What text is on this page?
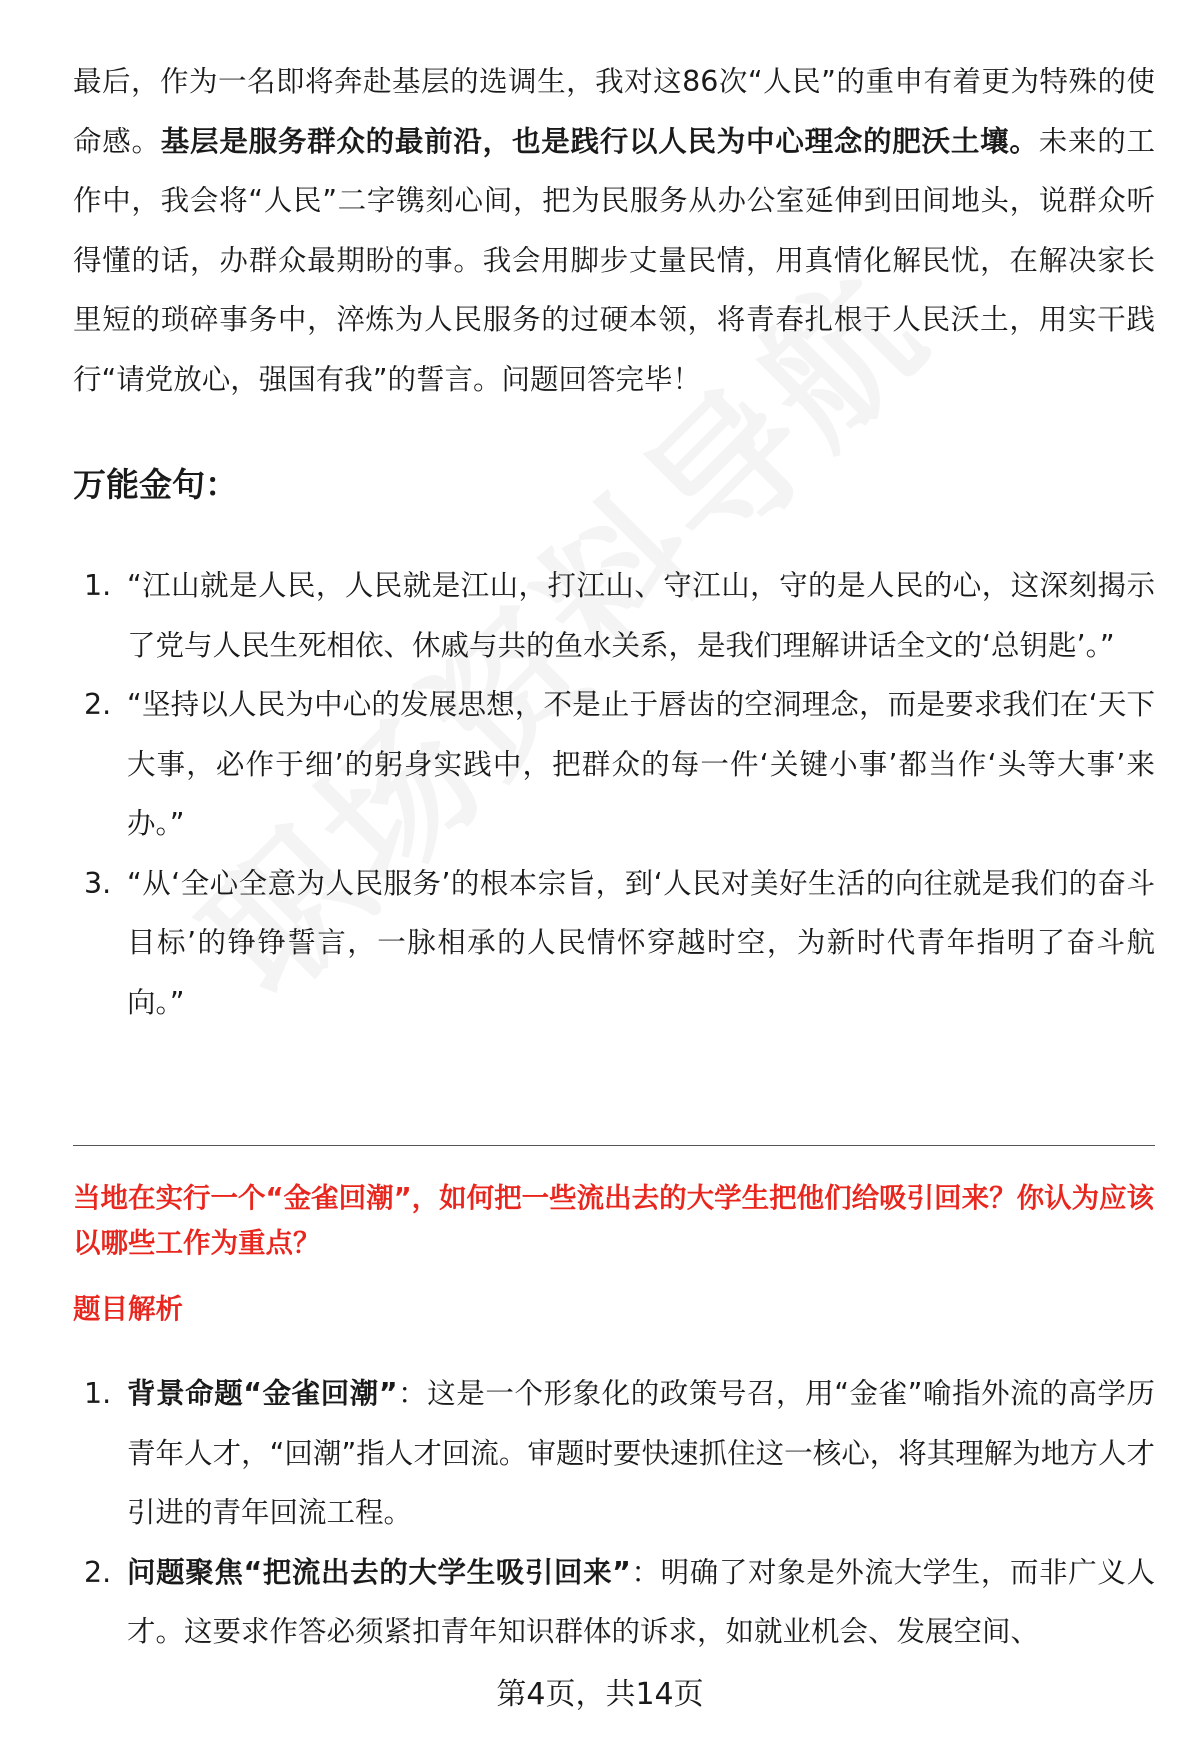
最后，作为一名即将奔赴基层的选调生，我对这86次“人民”的重申有着更为特殊的使命感。基层是服务群众的最前沿，也是践行以人民为中心理念的肥沃土壤。未来的工作中，我会将“人民”二字镌刻心间，把为民服务从办公室延伸到田间地头，说群众听得懂的话，办群众最期盼的事。我会用脚步丈量民情，用真情化解民忧，在解决家长里短的琐碎事务中，淬炼为人民服务的过硬本领，将青春扎根于人民沃土，用实干践行“请党放心，强国有我”的誓言。问题回答完毕！

万能金句：
1. “江山就是人民，人民就是江山，打江山、守江山，守的是人民的心，这深刻揭示了党与人民生死相依、休戚与共的鱼水关系，是我们理解讲话全文的‘总钥匙’。”
2. “坚持以人民为中心的发展思想，不是止于唇齿的空洞理念，而是要求我们在‘天下大事，必作于细’的躬身实践中，把群众的每一件‘关键小事’都当作‘头等大事’来办。”
3. “从‘全心全意为人民服务’的根本宗旨，到‘人民对美好生活的向往就是我们的奋斗目标’的铮铮誓言，一脉相承的人民情怀穿越时空，为新时代青年指明了奋斗航向。”

当地在实行一个“金雀回潮”，如何把一些流出去的大学生把他们给吸引回来？你认为应该以哪些工作为重点？

题目解析

1. 背景命题“金雀回潮”：这是一个形象化的政策号召，用“金雀”喻指外流的高学历青年人才，“回潮”指人才回流。审题时要快速抓住这一核心，将其理解为地方人才引进的青年回流工程。
2. 问题聚焦“把流出去的大学生吸引回来”：明确了对象是外流大学生，而非广义人才。这要求作答必须紧扣青年知识群体的诉求，如就业机会、发展空间、
第4页，共14页
